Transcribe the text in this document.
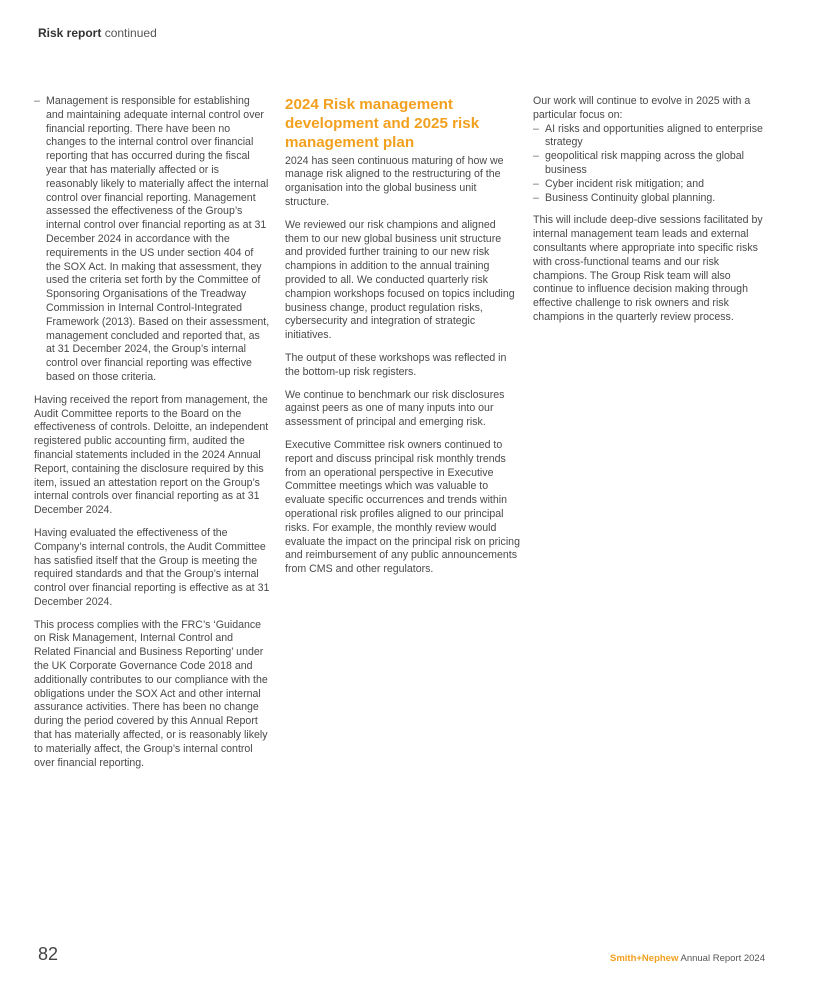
Risk report continued
– Management is responsible for establishing and maintaining adequate internal control over financial reporting. There have been no changes to the internal control over financial reporting that has occurred during the fiscal year that has materially affected or is reasonably likely to materially affect the internal control over financial reporting. Management assessed the effectiveness of the Group’s internal control over financial reporting as at 31 December 2024 in accordance with the requirements in the US under section 404 of the SOX Act. In making that assessment, they used the criteria set forth by the Committee of Sponsoring Organisations of the Treadway Commission in Internal Control-Integrated Framework (2013). Based on their assessment, management concluded and reported that, as at 31 December 2024, the Group’s internal control over financial reporting was effective based on those criteria.

Having received the report from management, the Audit Committee reports to the Board on the effectiveness of controls. Deloitte, an independent registered public accounting firm, audited the financial statements included in the 2024 Annual Report, containing the disclosure required by this item, issued an attestation report on the Group’s internal controls over financial reporting as at 31 December 2024.

Having evaluated the effectiveness of the Company’s internal controls, the Audit Committee has satisfied itself that the Group is meeting the required standards and that the Group’s internal control over financial reporting is effective as at 31 December 2024.

This process complies with the FRC’s ‘Guidance on Risk Management, Internal Control and Related Financial and Business Reporting’ under the UK Corporate Governance Code 2018 and additionally contributes to our compliance with the obligations under the SOX Act and other internal assurance activities. There has been no change during the period covered by this Annual Report that has materially affected, or is reasonably likely to materially affect, the Group’s internal control over financial reporting.

2024 Risk management development and 2025 risk management plan

2024 has seen continuous maturing of how we manage risk aligned to the restructuring of the organisation into the global business unit structure.

We reviewed our risk champions and aligned them to our new global business unit structure and provided further training to our new risk champions in addition to the annual training provided to all. We conducted quarterly risk champion workshops focused on topics including business change, product regulation risks, cybersecurity and integration of strategic initiatives.

The output of these workshops was reflected in the bottom-up risk registers.

We continue to benchmark our risk disclosures against peers as one of many inputs into our assessment of principal and emerging risk.

Executive Committee risk owners continued to report and discuss principal risk monthly trends from an operational perspective in Executive Committee meetings which was valuable to evaluate specific occurrences and trends within operational risk profiles aligned to our principal risks. For example, the monthly review would evaluate the impact on the principal risk on pricing and reimbursement of any public announcements from CMS and other regulators.

Our work will continue to evolve in 2025 with a particular focus on:

– AI risks and opportunities aligned to enterprise strategy
– geopolitical risk mapping across the global business
– Cyber incident risk mitigation; and
– Business Continuity global planning.

This will include deep-dive sessions facilitated by internal management team leads and external consultants where appropriate into specific risks with cross-functional teams and our risk champions. The Group Risk team will also continue to influence decision making through effective challenge to risk owners and risk champions in the quarterly review process.

82	Smith+Nephew Annual Report 2024
